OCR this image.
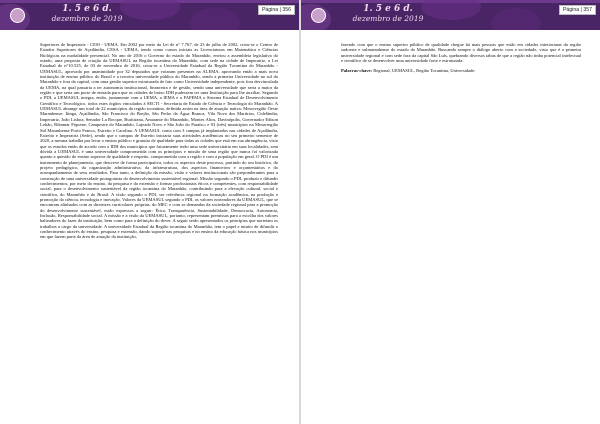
1. 5 e 6 d.
dezembro de 2019
Página | 356

Superiores de Imperatriz - CESI - UEMA. Em 2002 por meio da Lei de n° 7.767, de 23 de julho de 2002, criou-se o Centro de Estudos Superiores de Açailândia, CESA - UEMA, tendo como cursos iniciais as Licenciaturas em Matemática e Ciências Biológicas na modalidade presencial. No ano de 2016 o Governo do estado do Maranhão, enviou a assembleia legislativa do estado, uma proposta de criação da UEMASUL na Região tocantina do Maranhão, com sede na cidade de Imperatriz, a Lei Estadual de n°10.525, de 03 de novembro de 2016, criou-se a Universidade Estadual da Região Tocantina do Maranhão - UEMASUL, aprovada por unanimidade por 32 deputados que votaram presentes na ALEMA, aprovando então a mais nova instituição de ensino público do Brasil e a terceira universidade pública do Maranhão, sendo a primeira Universidade no sul do Maranhão e fora da capital, com uma gestão superior estruturada de fato como Universidade independente, pois fora desvinculada da UEMA, na qual passaria a ter autonomia institucional, financeira e de gestão, sendo uma universidade que seria a maior da região e que seria um porto de entrada para que as cidades de baixo IDH pudessem ter uma Instituição para lhe auxiliar. Segundo o PDI, a UEMASUL integra, então, juntamente com a UEMA, a IEMA e a FAPEMA o Sistema Estadual de Desenvolvimento Científico e Tecnológico, todos estes órgãos vinculados à SECTI - Secretaria de Estado de Ciência e Tecnologia do Maranhão. A UEMASUL abrange um total de 22 municípios da região tocantina, definida assim na área de atuação nativa: Mesorregião Oeste Maranhense: Itinga, Açailândia, São Francisco do Brejão, São Pedro da Água Branca, Vila Nova dos Martírios, Cidelândia, Imperatriz, João Lisboa, Senador La Rocque, Buritirana, Amarante do Maranhão, Montes Altos, Davinópolis, Governador Edison Lobão, Ribamar Fiquene, Campestre do Maranhão, Lajeado Novo e São João do Paraíso; e 03 (três) municípios na Mesorregião Sul Maranhense Porto Franco, Estreito e Carolina. A UEMASUL conta com 3 campus já implantados nas cidades de Açailândia, Estreito e Imperatriz (Sede), sendo que o campus de Estreito iniciaria suas atividades acadêmicas no seu primeiro semestre de 2020, a mesma trabalha pra levar o ensino público e gratuito de qualidade para todas as cidades que está em sua abrangência, visto que os estudos então de acordo com o IDH dos municípios que futuramente terão uma sede universitária em suas localidades, sem dúvida a UEMASUL é uma universidade comprometida com os princípios e missão de uma região que nunca foi valorizada quanto a questão do ensino superior de qualidade e respeito, comprometida com a região e com a população em geral. O PDI é um instrumento de planejamento, que descreve de forma participativa, todos os aspectos deste processo, partindo do seu histórico, do projeto pedagógico, da organização administrativa, da infraestrutura, dos aspectos financeiros e orçamentários e do acompanhamento de seus resultados. Para tanto, a definição da missão, visão e valores institucionais são preponderantes para a construção de uma universidade protagonista do desenvolvimento sustentável regional. Missão segundo o PDI, produzir e difundir conhecimentos, por meio do ensino, da pesquisa e da extensão e formar profissionais éticos e competentes, com responsabilidade social, para o desenvolvimento sustentável da região tocantina do Maranhão, contribuindo para a elevação cultural, social e científica, do Maranhão e do Brasil. A visão segundo o PDI, ser referência regional na formação acadêmica, na produção e promoção da ciência, tecnologia e inovação. Valores da UEMASUL segundo o PDI, os valores norteadores da UEMASUL, que se encontram alinhados com as diretrizes curriculares próprias, do MEC e com as demandas da sociedade regional para a promoção do desenvolvimento sustentável, estão expressos a seguir: Ética, Transparência, Sustentabilidade, Democracia, Autonomia, Inclusão, Responsabilidade social. A missão e a visão da UEMASUL, portanto, representam premissas para a escolha dos valores balizadores do fazer da instituição, bem como para a definição do dever. A seguir serão apresentados os princípios que norteiam os trabalhos a cargo da universidade. A universidade Estadual da Região tocantina do Maranhão, tem o papel e intuito de difundir o conhecimento através do ensino, pesquisa e extensão, dando suporte nas pesquisas e no ensino da educação básica nos municípios em que fazem parte da área de atuação da instituição,

1. 5 e 6 d.
dezembro de 2019
Página | 357

fazendo com que o ensino superior público de qualidade chegue há mais pessoas que estão em cidades interioranas da região sudoeste e sulmaranhense do estado do Maranhão. Buscando sempre o diálogo aberto com a sociedade, visto que é a primeira universidade regional e com sede fora da capital São Luís, quebrando diversos tabus de que a região não tinha potencial intelectual e científico de se desenvolver uma universidade forte e estruturada.

Palavras-chave: Regional, UEMASUL, Região Tocantina, Universidade.
